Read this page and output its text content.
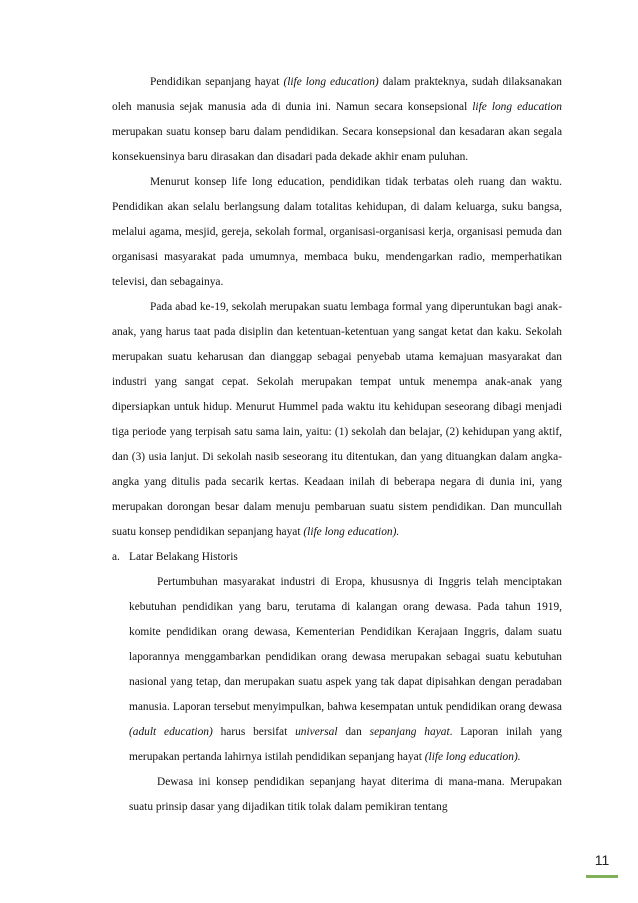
Pendidikan sepanjang hayat (life long education) dalam prakteknya, sudah dilaksanakan oleh manusia sejak manusia ada di dunia ini. Namun secara konsepsional life long education merupakan suatu konsep baru dalam pendidikan. Secara konsepsional dan kesadaran akan segala konsekuensinya baru dirasakan dan disadari pada dekade akhir enam puluhan.

Menurut konsep life long education, pendidikan tidak terbatas oleh ruang dan waktu. Pendidikan akan selalu berlangsung dalam totalitas kehidupan, di dalam keluarga, suku bangsa, melalui agama, mesjid, gereja, sekolah formal, organisasi-organisasi kerja, organisasi pemuda dan organisasi masyarakat pada umumnya, membaca buku, mendengarkan radio, memperhatikan televisi, dan sebagainya.

Pada abad ke-19, sekolah merupakan suatu lembaga formal yang diperuntukan bagi anak-anak, yang harus taat pada disiplin dan ketentuan-ketentuan yang sangat ketat dan kaku. Sekolah merupakan suatu keharusan dan dianggap sebagai penyebab utama kemajuan masyarakat dan industri yang sangat cepat. Sekolah merupakan tempat untuk menempa anak-anak yang dipersiapkan untuk hidup. Menurut Hummel pada waktu itu kehidupan seseorang dibagi menjadi tiga periode yang terpisah satu sama lain, yaitu: (1) sekolah dan belajar, (2) kehidupan yang aktif, dan (3) usia lanjut. Di sekolah nasib seseorang itu ditentukan, dan yang dituangkan dalam angka-angka yang ditulis pada secarik kertas. Keadaan inilah di beberapa negara di dunia ini, yang merupakan dorongan besar dalam menuju pembaruan suatu sistem pendidikan. Dan muncullah suatu konsep pendidikan sepanjang hayat (life long education).

a. Latar Belakang Historis

Pertumbuhan masyarakat industri di Eropa, khususnya di Inggris telah menciptakan kebutuhan pendidikan yang baru, terutama di kalangan orang dewasa. Pada tahun 1919, komite pendidikan orang dewasa, Kementerian Pendidikan Kerajaan Inggris, dalam suatu laporannya menggambarkan pendidikan orang dewasa merupakan sebagai suatu kebutuhan nasional yang tetap, dan merupakan suatu aspek yang tak dapat dipisahkan dengan peradaban manusia. Laporan tersebut menyimpulkan, bahwa kesempatan untuk pendidikan orang dewasa (adult education) harus bersifat universal dan sepanjang hayat. Laporan inilah yang merupakan pertanda lahirnya istilah pendidikan sepanjang hayat (life long education).

Dewasa ini konsep pendidikan sepanjang hayat diterima di mana-mana. Merupakan suatu prinsip dasar yang dijadikan titik tolak dalam pemikiran tentang

11
